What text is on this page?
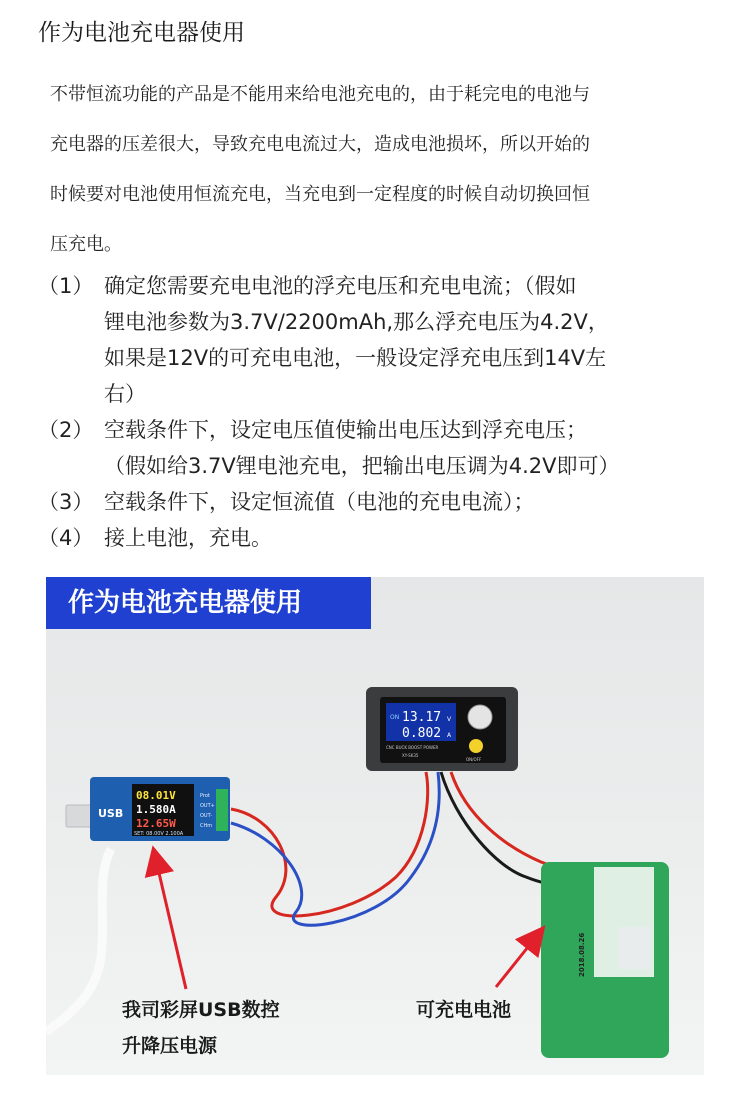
作为电池充电器使用
不带恒流功能的产品是不能用来给电池充电的，由于耗完电的电池与
充电器的压差很大，导致充电电流过大，造成电池损坏，所以开始的
时候要对电池使用恒流充电，当充电到一定程度的时候自动切换回恒
压充电。
（1） 确定您需要充电电池的浮充电压和充电电流；（假如
锂电池参数为3.7V/2200mAh,那么浮充电压为4.2V，
如果是12V的可充电电池，一般设定浮充电压到14V左
右）
（2） 空载条件下，设定电压值使输出电压达到浮充电压；
（假如给3.7V锂电池充电，把输出电压调为4.2V即可）
（3） 空载条件下，设定恒流值（电池的充电电流）；
（4） 接上电池，充电。
08.01V
1.580A
12.65W
SET: 08.00V 2.100A
USB
Prot
OUT+
OUT-
CHm
ON 13.17 V
0.802 A
ON/OFF
CNC BUCK BOOST POWER
XY-SK35
2018.08.26
作为电池充电器使用
我司彩屏USB数控
升降压电源
可充电电池
